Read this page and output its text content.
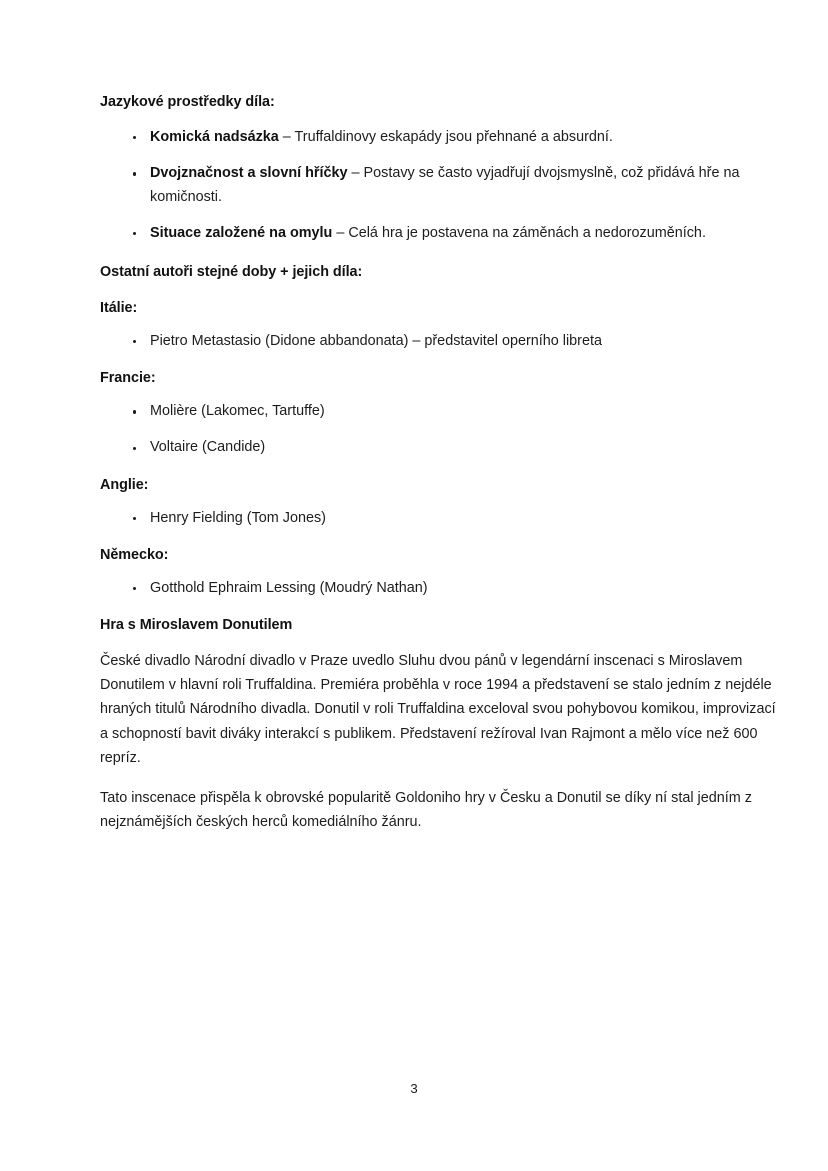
Jazykové prostředky díla:
Komická nadsázka – Truffaldinovy eskapády jsou přehnané a absurdní.
Dvojznačnost a slovní hříčky – Postavy se často vyjadřují dvojsmyslně, což přidává hře na komičnosti.
Situace založené na omylu – Celá hra je postavena na záměnách a nedorozuměních.
Ostatní autoři stejné doby + jejich díla:
Itálie:
Pietro Metastasio (Didone abbandonata) – představitel operního libreta
Francie:
Molière (Lakomec, Tartuffe)
Voltaire (Candide)
Anglie:
Henry Fielding (Tom Jones)
Německo:
Gotthold Ephraim Lessing (Moudrý Nathan)
Hra s Miroslavem Donutilem

České divadlo Národní divadlo v Praze uvedlo Sluhu dvou pánů v legendární inscenaci s Miroslavem Donutilem v hlavní roli Truffaldina. Premiéra proběhla v roce 1994 a představení se stalo jedním z nejdéle hraných titulů Národního divadla. Donutil v roli Truffaldina exceloval svou pohybovou komikou, improvizací a schopností bavit diváky interakcí s publikem. Představení režíroval Ivan Rajmont a mělo více než 600 repríz.

Tato inscenace přispěla k obrovské popularitě Goldoniho hry v Česku a Donutil se díky ní stal jedním z nejznámějších českých herců komediálního žánru.

3
